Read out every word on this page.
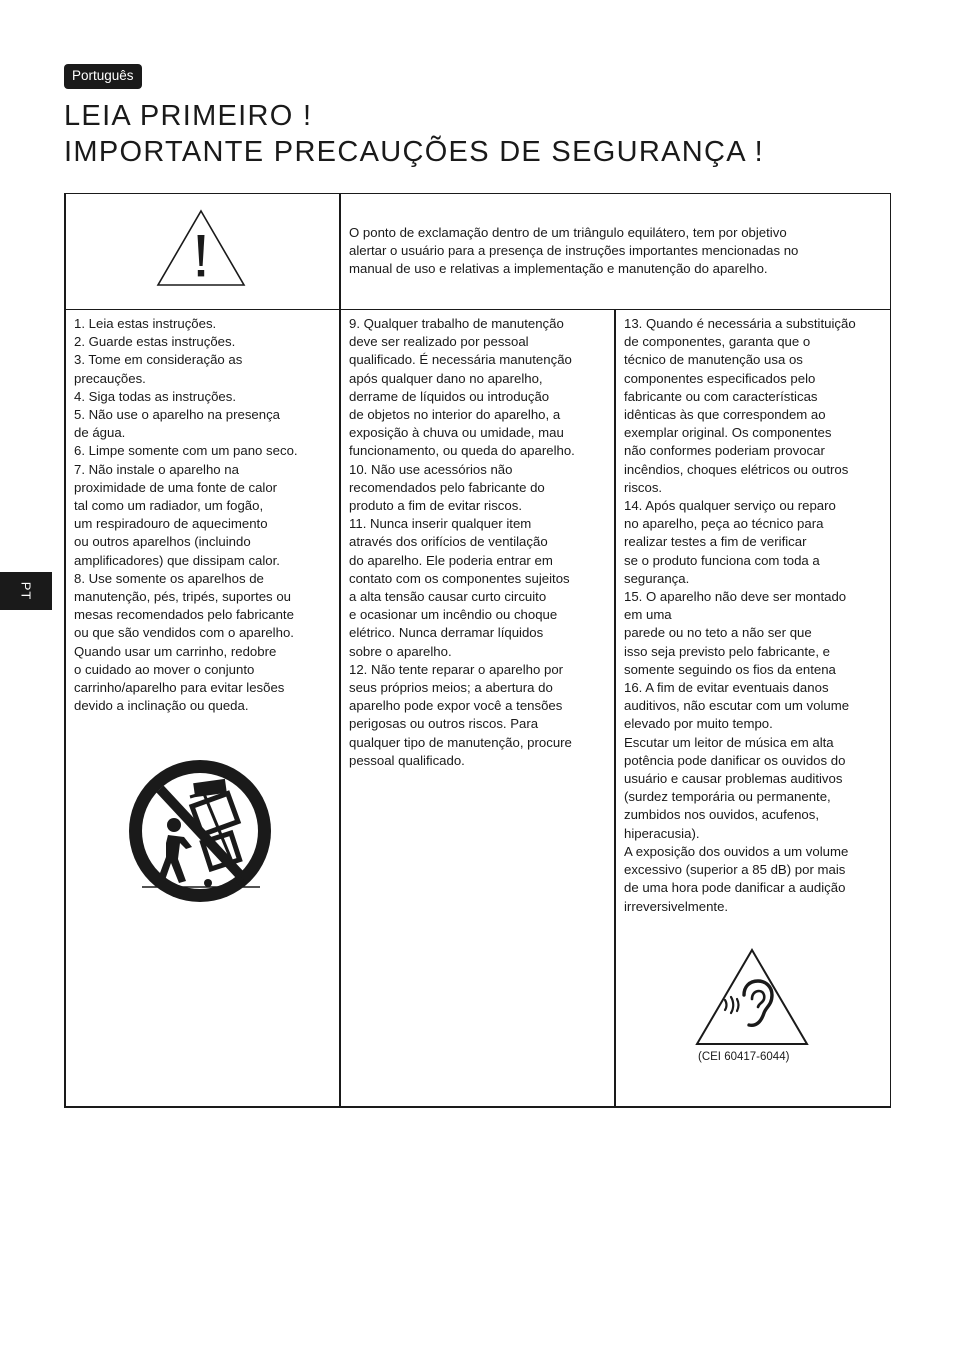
Português
LEIA PRIMEIRO !
IMPORTANTE PRECAUÇÕES DE SEGURANÇA !
PT

O ponto de exclamação dentro de um triângulo equilátero, tem por objetivo
alertar o usuário para a presença de instruções importantes mencionadas no
manual de uso e relativas a implementação e manutenção do aparelho.

1. Leia estas instruções.
2. Guarde estas instruções.
3. Tome em consideração as
precauções.
4. Siga todas as instruções.
5. Não use o aparelho na presença
de água.
6. Limpe somente com um pano seco.
7. Não instale o aparelho na
proximidade de uma fonte de calor
tal como um radiador, um fogão,
um respiradouro de aquecimento
ou outros aparelhos (incluindo
amplificadores) que dissipam calor.
8. Use somente os aparelhos de
manutenção, pés, tripés, suportes ou
mesas recomendados pelo fabricante
ou que são vendidos com o aparelho.
Quando usar um carrinho, redobre
o cuidado ao mover o conjunto
carrinho/aparelho para evitar lesões
devido a inclinação ou queda.

9. Qualquer trabalho de manutenção
deve ser realizado por pessoal
qualificado. É necessária manutenção
após qualquer dano no aparelho,
derrame de líquidos ou introdução
de objetos no interior do aparelho, a
exposição à chuva ou umidade, mau
funcionamento, ou queda do aparelho.
10. Não use acessórios não
recomendados pelo fabricante do
produto a fim de evitar riscos.
11. Nunca inserir qualquer item
através dos orifícios de ventilação
do aparelho. Ele poderia entrar em
contato com os componentes sujeitos
a alta tensão causar curto circuito
e ocasionar um incêndio ou choque
elétrico. Nunca derramar líquidos
sobre o aparelho.
12. Não tente reparar o aparelho por
seus próprios meios; a abertura do
aparelho pode expor você a tensões
perigosas ou outros riscos. Para
qualquer tipo de manutenção, procure
pessoal qualificado.

13. Quando é necessária a substituição
de componentes, garanta que o
técnico de manutenção usa os
componentes especificados pelo
fabricante ou com características
idênticas às que correspondem ao
exemplar original. Os componentes
não conformes poderiam provocar
incêndios, choques elétricos ou outros
riscos.
14. Após qualquer serviço ou reparo
no aparelho, peça ao técnico para
realizar testes a fim de verificar
se o produto funciona com toda a
segurança.
15. O aparelho não deve ser montado
em uma
parede ou no teto a não ser que
isso seja previsto pelo fabricante, e
somente seguindo os fios da entena
16. A fim de evitar eventuais danos
auditivos, não escutar com um volume
elevado por muito tempo.
Escutar um leitor de música em alta
potência pode danificar os ouvidos do
usuário e causar problemas auditivos
(surdez temporária ou permanente,
zumbidos nos ouvidos, acufenos,
hiperacusia).
A exposição dos ouvidos a um volume
excessivo (superior a 85 dB) por mais
de uma hora pode danificar a audição
irreversivelmente.

(CEI 60417-6044)
